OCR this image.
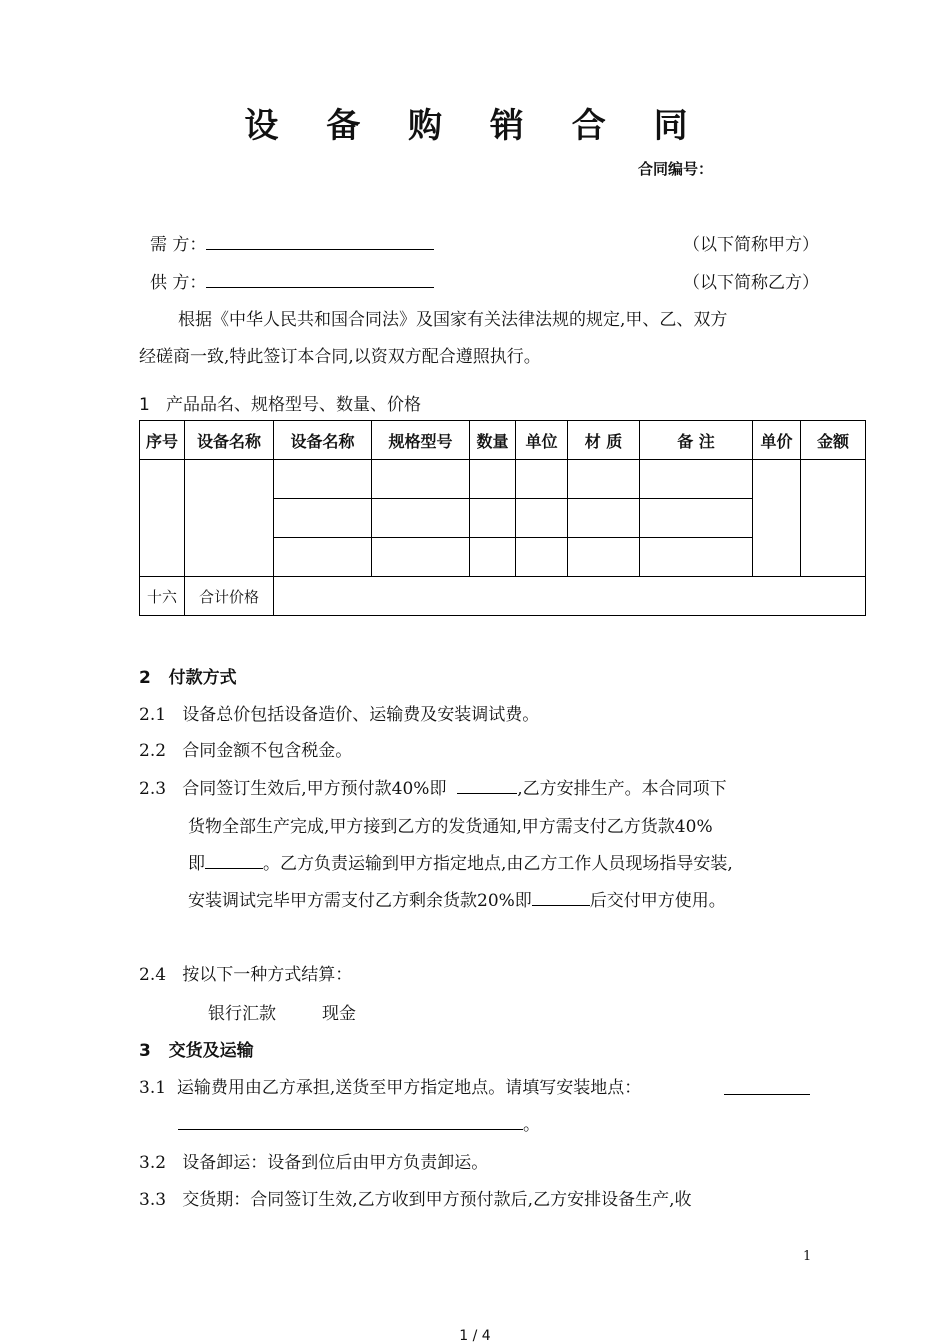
设 备 购 销 合 同
合同编号：
需 方：	（以下简称甲方）
供 方：	（以下简称乙方）
根据《中华人民共和国合同法》及国家有关法律法规的规定,甲、乙、双方
经磋商一致,特此签订本合同,以资双方配合遵照执行。
1 产品品名、规格型号、数量、价格
序号	设备名称	设备名称	规格型号	数量	单位	材 质	备 注	单价	金额

十六	合计价格								
2 付款方式
2.1 设备总价包括设备造价、运输费及安装调试费。
2.2 合同金额不包含税金。
2.3 合同签订生效后,甲方预付款40%即	,乙方安排生产。本合同项下
货物全部生产完成,甲方接到乙方的发货通知,甲方需支付乙方货款40%
即	。乙方负责运输到甲方指定地点,由乙方工作人员现场指导安装,
安装调试完毕甲方需支付乙方剩余货款20%即	后交付甲方使用。
2.4 按以下一种方式结算：
银行汇款	现金
3 交货及运输
3.1 运输费用由乙方承担,送货至甲方指定地点。请填写安装地点：
。
3.2 设备卸运：设备到位后由甲方负责卸运。
3.3 交货期：合同签订生效,乙方收到甲方预付款后,乙方安排设备生产,收
1
1 / 4
